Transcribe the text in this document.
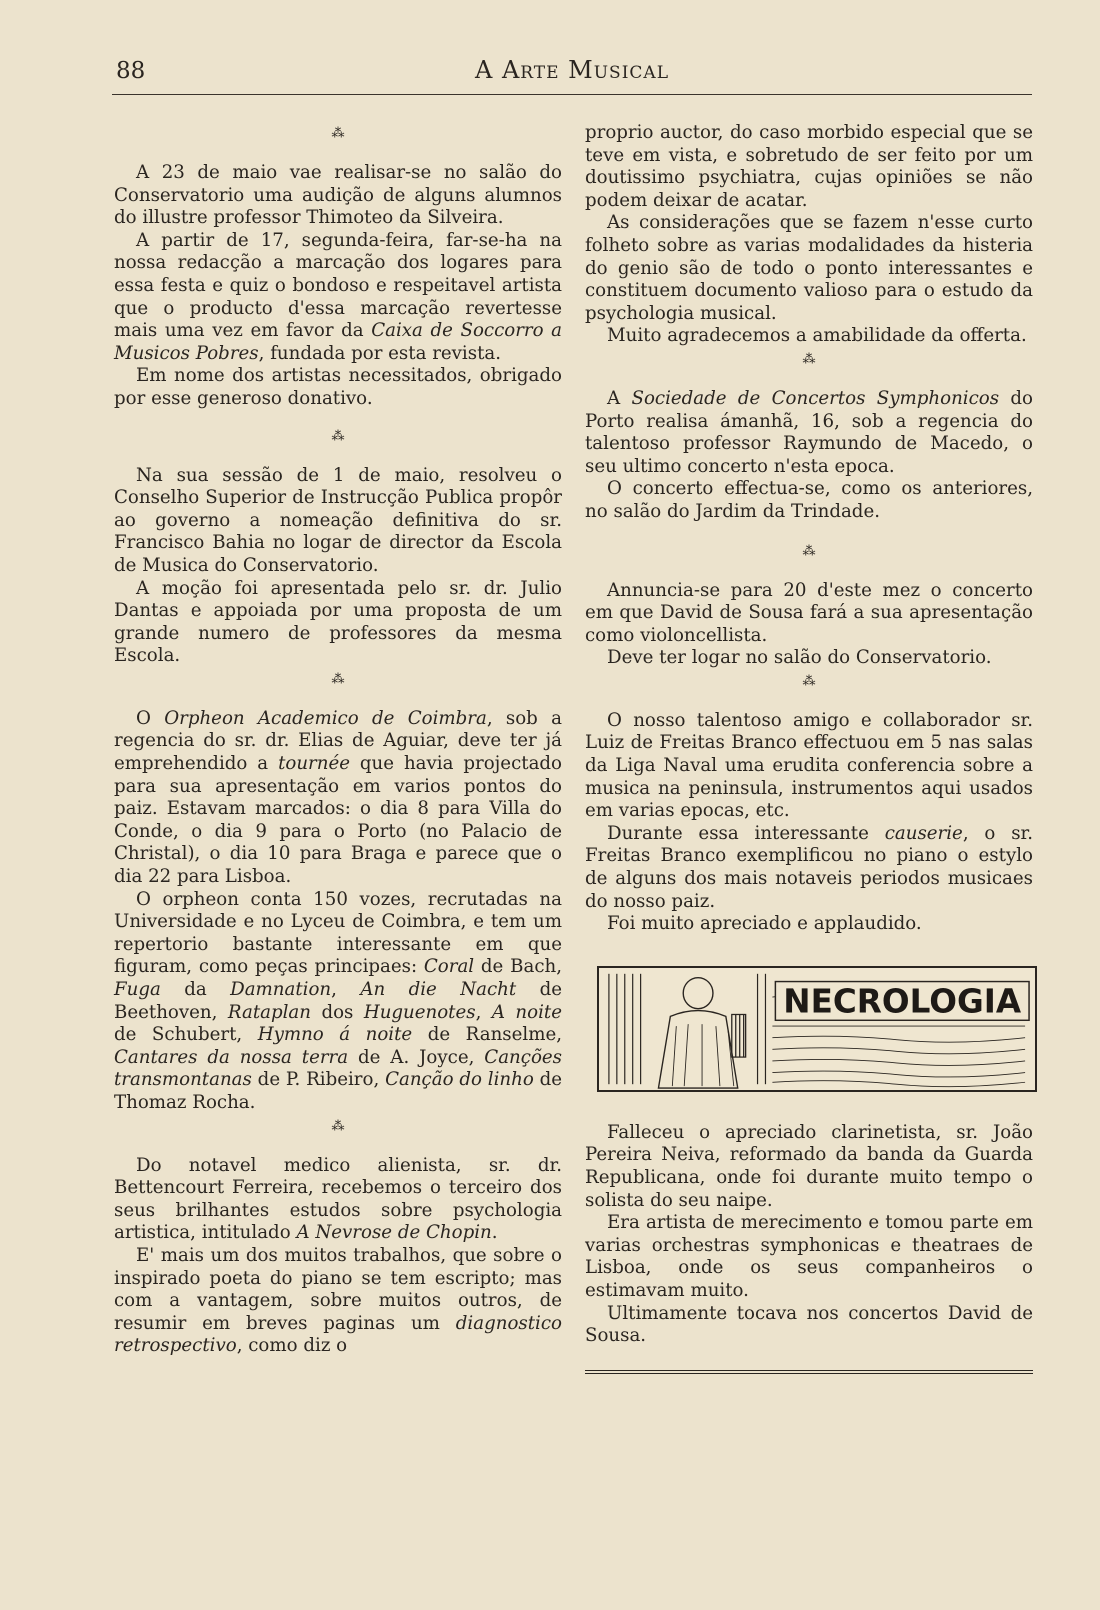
88	A Arte Musical
⁂

A 23 de maio vae realisar-se no salão do Conservatorio uma audição de alguns alumnos do illustre professor Thimoteo da Silveira.

A partir de 17, segunda-feira, far-se-ha na nossa redacção a marcação dos logares para essa festa e quiz o bondoso e respeitavel artista que o producto d'essa marcação revertesse mais uma vez em favor da Caixa de Soccorro a Musicos Pobres, fundada por esta revista.

Em nome dos artistas necessitados, obrigado por esse generoso donativo.

⁂

Na sua sessão de 1 de maio, resolveu o Conselho Superior de Instrucção Publica propôr ao governo a nomeação definitiva do sr. Francisco Bahia no logar de director da Escola de Musica do Conservatorio.

A moção foi apresentada pelo sr. dr. Julio Dantas e appoiada por uma proposta de um grande numero de professores da mesma Escola.

⁂

O Orpheon Academico de Coimbra, sob a regencia do sr. dr. Elias de Aguiar, deve ter já emprehendido a tournée que havia projectado para sua apresentação em varios pontos do paiz. Estavam marcados: o dia 8 para Villa do Conde, o dia 9 para o Porto (no Palacio de Christal), o dia 10 para Braga e parece que o dia 22 para Lisboa.

O orpheon conta 150 vozes, recrutadas na Universidade e no Lyceu de Coimbra, e tem um repertorio bastante interessante em que figuram, como peças principaes: Coral de Bach, Fuga da Damnation, An die Nacht de Beethoven, Rataplan dos Huguenotes, A noite de Schubert, Hymno á noite de Ranselme, Cantares da nossa terra de A. Joyce, Canções transmontanas de P. Ribeiro, Canção do linho de Thomaz Rocha.

⁂

Do notavel medico alienista, sr. dr. Bettencourt Ferreira, recebemos o terceiro dos seus brilhantes estudos sobre psychologia artistica, intitulado A Nevrose de Chopin.

E' mais um dos muitos trabalhos, que sobre o inspirado poeta do piano se tem escripto; mas com a vantagem, sobre muitos outros, de resumir em breves paginas um diagnostico retrospectivo, como diz o

proprio auctor, do caso morbido especial que se teve em vista, e sobretudo de ser feito por um doutissimo psychiatra, cujas opiniões se não podem deixar de acatar.

As considerações que se fazem n'esse curto folheto sobre as varias modalidades da histeria do genio são de todo o ponto interessantes e constituem documento valioso para o estudo da psychologia musical.

Muito agradecemos a amabilidade da offerta.

⁂

A Sociedade de Concertos Symphonicos do Porto realisa ámanhã, 16, sob a regencia do talentoso professor Raymundo de Macedo, o seu ultimo concerto n'esta epoca.

O concerto effectua-se, como os anteriores, no salão do Jardim da Trindade.

⁂

Annuncia-se para 20 d'este mez o concerto em que David de Sousa fará a sua apresentação como violoncellista.

Deve ter logar no salão do Conservatorio.

⁂

O nosso talentoso amigo e collaborador sr. Luiz de Freitas Branco effectuou em 5 nas salas da Liga Naval uma erudita conferencia sobre a musica na peninsula, instrumentos aqui usados em varias epocas, etc.

Durante essa interessante causerie, o sr. Freitas Branco exemplificou no piano o estylo de alguns dos mais notaveis periodos musicaes do nosso paiz.

Foi muito apreciado e applaudido.

NECROLOGIA

Falleceu o apreciado clarinetista, sr. João Pereira Neiva, reformado da banda da Guarda Republicana, onde foi durante muito tempo o solista do seu naipe.

Era artista de merecimento e tomou parte em varias orchestras symphonicas e theatraes de Lisboa, onde os seus companheiros o estimavam muito.

Ultimamente tocava nos concertos David de Sousa.
